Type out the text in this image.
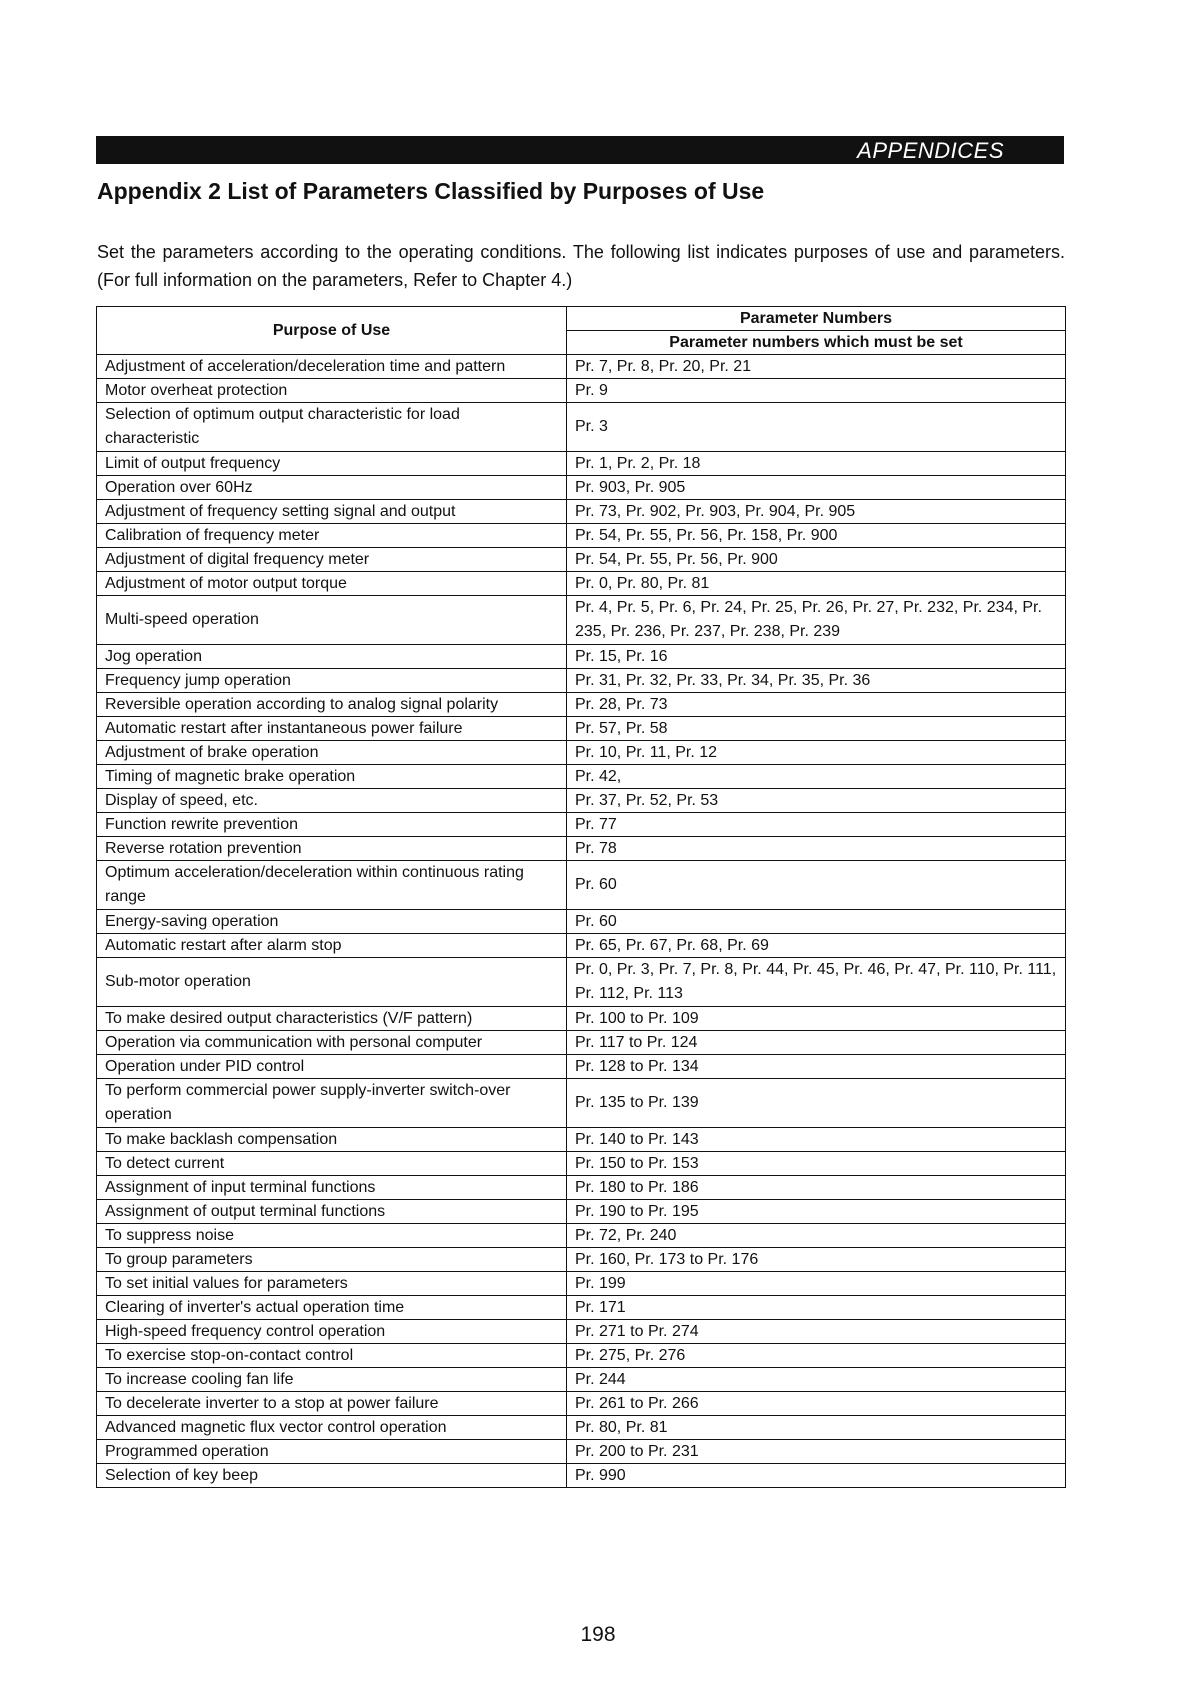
APPENDICES
Appendix 2 List of Parameters Classified by Purposes of Use

Set the parameters according to the operating conditions. The following list indicates purposes of use and parameters. (For full information on the parameters, Refer to Chapter 4.)

Purpose of Use	Parameter Numbers
	Parameter numbers which must be set
Adjustment of acceleration/deceleration time and pattern	Pr. 7, Pr. 8, Pr. 20, Pr. 21
Motor overheat protection	Pr. 9
Selection of optimum output characteristic for load characteristic	Pr. 3
Limit of output frequency	Pr. 1, Pr. 2, Pr. 18
Operation over 60Hz	Pr. 903, Pr. 905
Adjustment of frequency setting signal and output	Pr. 73, Pr. 902, Pr. 903, Pr. 904, Pr. 905
Calibration of frequency meter	Pr. 54, Pr. 55, Pr. 56, Pr. 158, Pr. 900
Adjustment of digital frequency meter	Pr. 54, Pr. 55, Pr. 56, Pr. 900
Adjustment of motor output torque	Pr. 0, Pr. 80, Pr. 81
Multi-speed operation	Pr. 4, Pr. 5, Pr. 6, Pr. 24, Pr. 25, Pr. 26, Pr. 27, Pr. 232, Pr. 234, Pr. 235, Pr. 236, Pr. 237, Pr. 238, Pr. 239
Jog operation	Pr. 15, Pr. 16
Frequency jump operation	Pr. 31, Pr. 32, Pr. 33, Pr. 34, Pr. 35, Pr. 36
Reversible operation according to analog signal polarity	Pr. 28, Pr. 73
Automatic restart after instantaneous power failure	Pr. 57, Pr. 58
Adjustment of brake operation	Pr. 10, Pr. 11, Pr. 12
Timing of magnetic brake operation	Pr. 42,
Display of speed, etc.	Pr. 37, Pr. 52, Pr. 53
Function rewrite prevention	Pr. 77
Reverse rotation prevention	Pr. 78
Optimum acceleration/deceleration within continuous rating range	Pr. 60
Energy-saving operation	Pr. 60
Automatic restart after alarm stop	Pr. 65, Pr. 67, Pr. 68, Pr. 69
Sub-motor operation	Pr. 0, Pr. 3, Pr. 7, Pr. 8, Pr. 44, Pr. 45, Pr. 46, Pr. 47, Pr. 110, Pr. 111, Pr. 112, Pr. 113
To make desired output characteristics (V/F pattern)	Pr. 100 to Pr. 109
Operation via communication with personal computer	Pr. 117 to Pr. 124
Operation under PID control	Pr. 128 to Pr. 134
To perform commercial power supply-inverter switch-over operation	Pr. 135 to Pr. 139
To make backlash compensation	Pr. 140 to Pr. 143
To detect current	Pr. 150 to Pr. 153
Assignment of input terminal functions	Pr. 180 to Pr. 186
Assignment of output terminal functions	Pr. 190 to Pr. 195
To suppress noise	Pr. 72, Pr. 240
To group parameters	Pr. 160, Pr. 173 to Pr. 176
To set initial values for parameters	Pr. 199
Clearing of inverter's actual operation time	Pr. 171
High-speed frequency control operation	Pr. 271 to Pr. 274
To exercise stop-on-contact control	Pr. 275, Pr. 276
To increase cooling fan life	Pr. 244
To decelerate inverter to a stop at power failure	Pr. 261 to Pr. 266
Advanced magnetic flux vector control operation	Pr. 80, Pr. 81
Programmed operation	Pr. 200 to Pr. 231
Selection of key beep	Pr. 990
198
